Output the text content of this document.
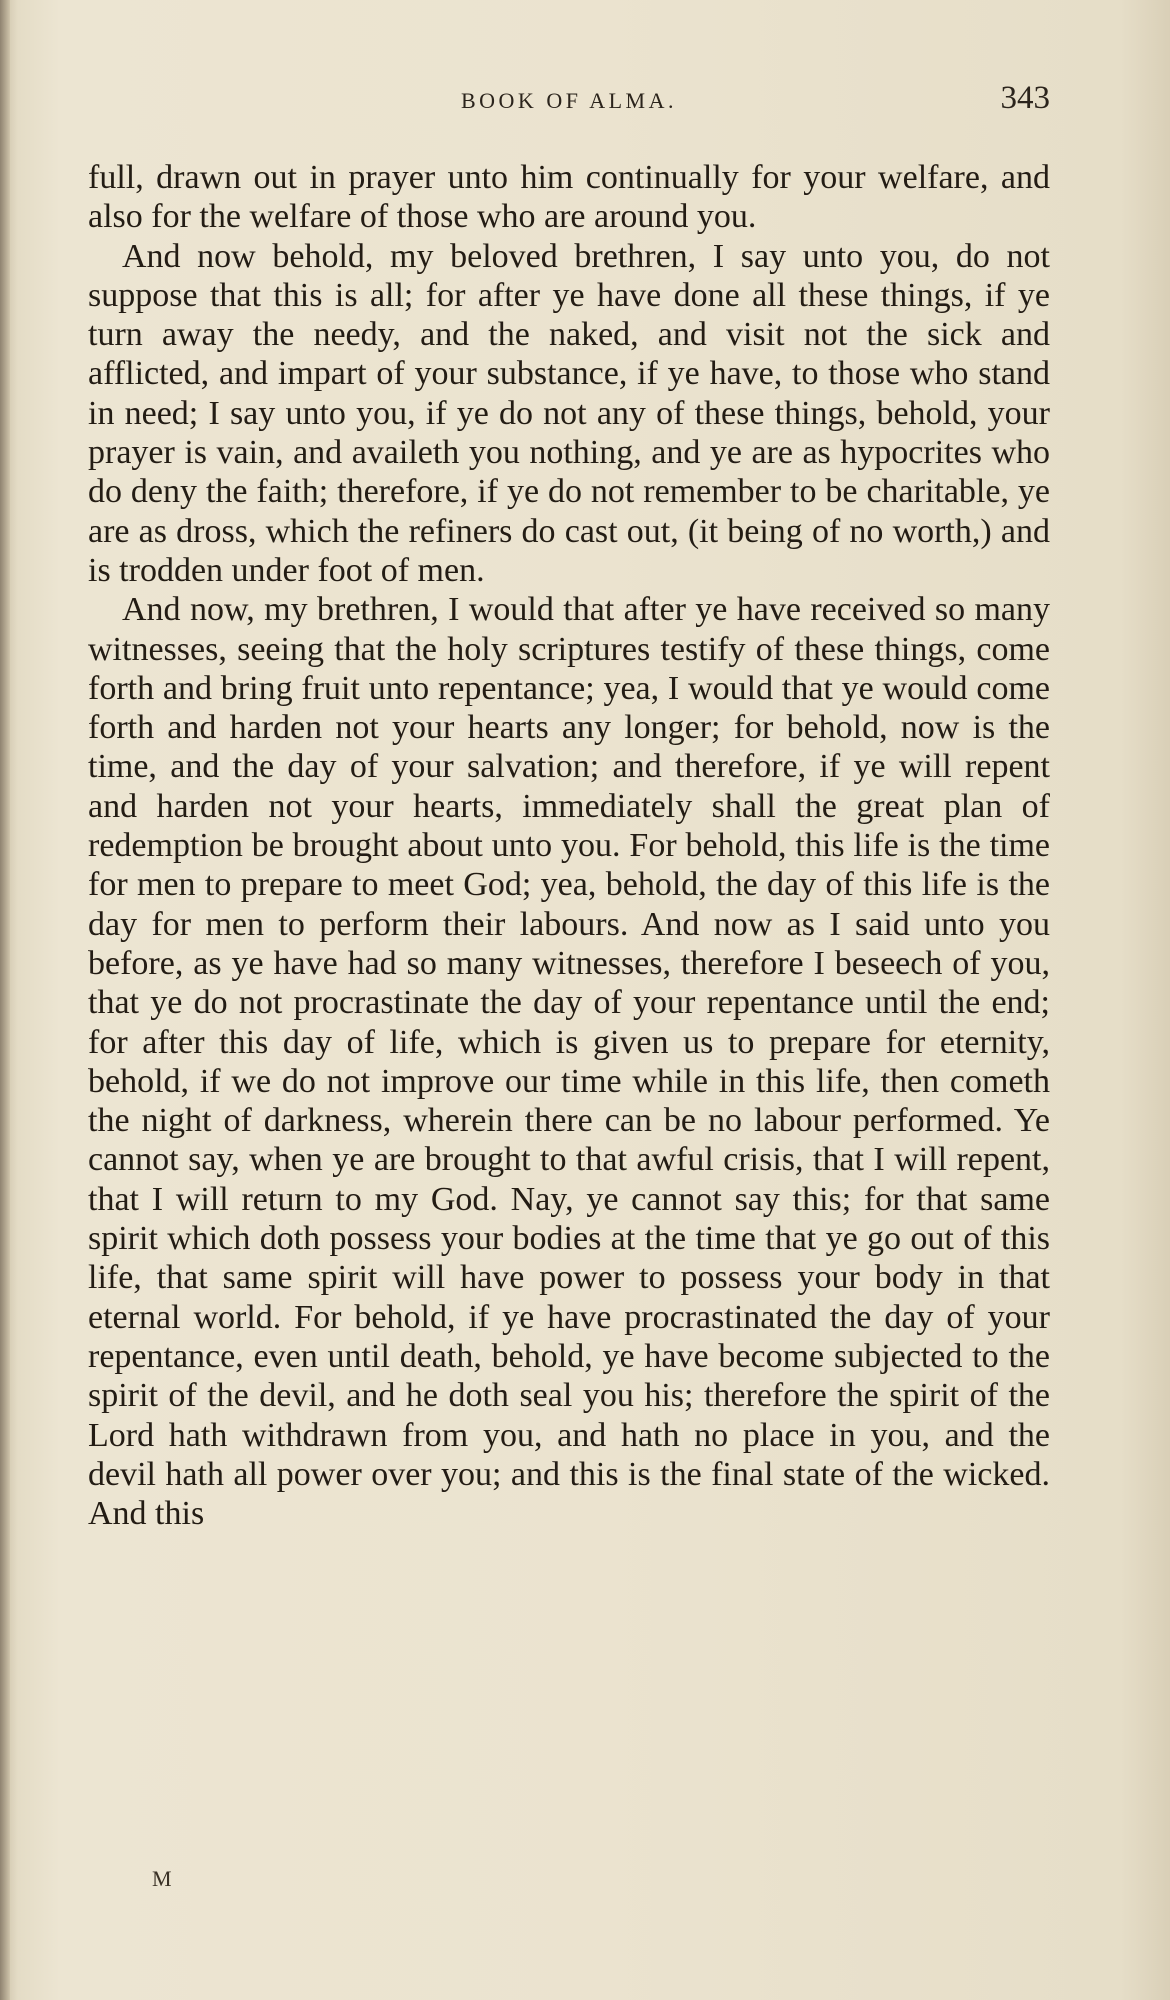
BOOK OF ALMA.	343

full, drawn out in prayer unto him continually for your welfare, and also for the welfare of those who are around you.

And now behold, my beloved brethren, I say unto you, do not suppose that this is all; for after ye have done all these things, if ye turn away the needy, and the naked, and visit not the sick and afflicted, and impart of your substance, if ye have, to those who stand in need; I say unto you, if ye do not any of these things, behold, your prayer is vain, and availeth you nothing, and ye are as hypocrites who do deny the faith; therefore, if ye do not remember to be charitable, ye are as dross, which the refiners do cast out, (it being of no worth,) and is trodden under foot of men.

And now, my brethren, I would that after ye have received so many witnesses, seeing that the holy scriptures testify of these things, come forth and bring fruit unto repentance; yea, I would that ye would come forth and harden not your hearts any longer; for behold, now is the time, and the day of your salvation; and therefore, if ye will repent and harden not your hearts, immediately shall the great plan of redemption be brought about unto you. For behold, this life is the time for men to prepare to meet God; yea, behold, the day of this life is the day for men to perform their labours. And now as I said unto you before, as ye have had so many witnesses, therefore I beseech of you, that ye do not procrastinate the day of your repentance until the end; for after this day of life, which is given us to prepare for eternity, behold, if we do not improve our time while in this life, then cometh the night of darkness, wherein there can be no labour performed. Ye cannot say, when ye are brought to that awful crisis, that I will repent, that I will return to my God. Nay, ye cannot say this; for that same spirit which doth possess your bodies at the time that ye go out of this life, that same spirit will have power to possess your body in that eternal world. For behold, if ye have procrastinated the day of your repentance, even until death, behold, ye have become subjected to the spirit of the devil, and he doth seal you his; therefore the spirit of the Lord hath withdrawn from you, and hath no place in you, and the devil hath all power over you; and this is the final state of the wicked. And this

M
